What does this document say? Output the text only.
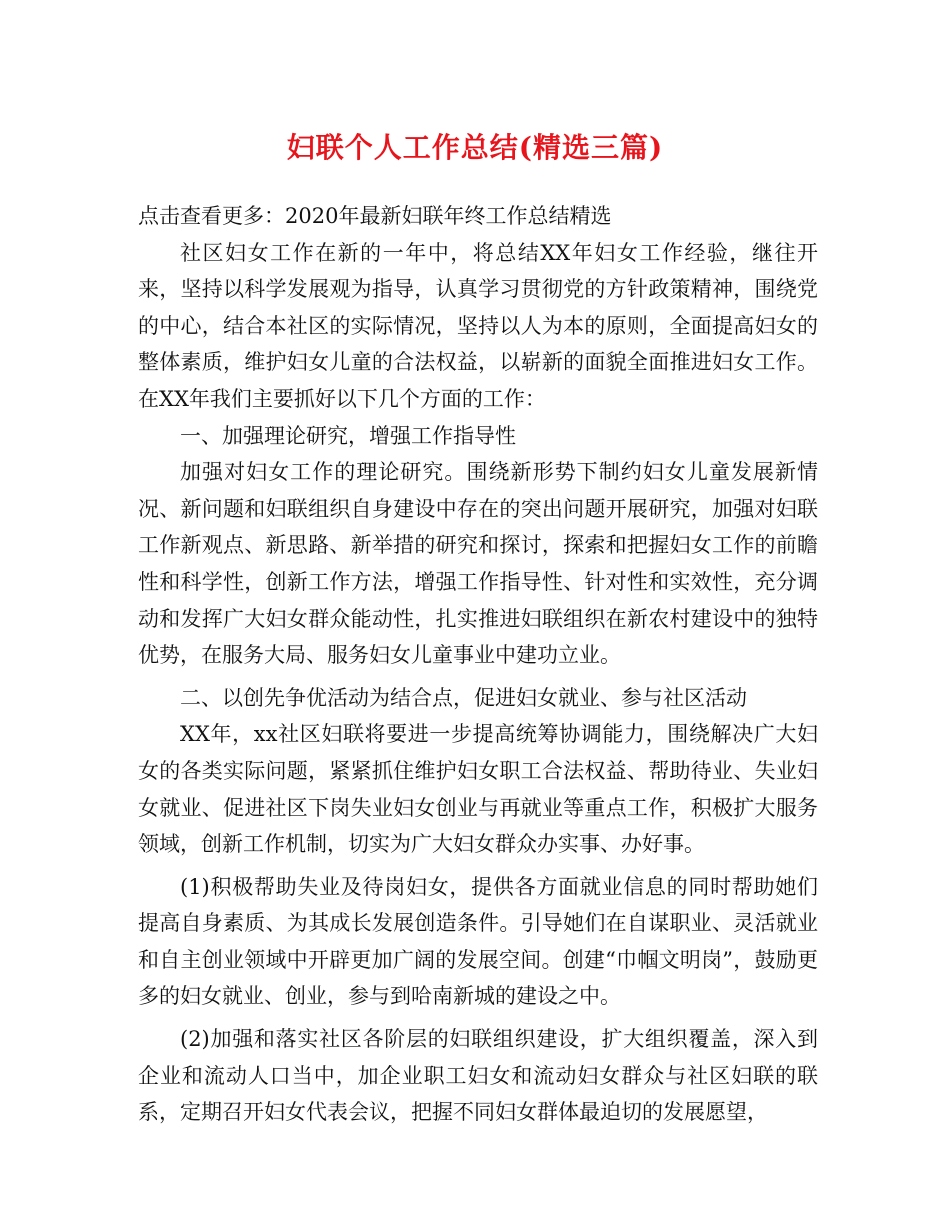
妇联个人工作总结(精选三篇)

点击查看更多：2020年最新妇联年终工作总结精选

社区妇女工作在新的一年中，将总结XX年妇女工作经验，继往开来，坚持以科学发展观为指导，认真学习贯彻党的方针政策精神，围绕党的中心，结合本社区的实际情况，坚持以人为本的原则，全面提高妇女的整体素质，维护妇女儿童的合法权益，以崭新的面貌全面推进妇女工作。在XX年我们主要抓好以下几个方面的工作：

一、加强理论研究，增强工作指导性

加强对妇女工作的理论研究。围绕新形势下制约妇女儿童发展新情况、新问题和妇联组织自身建设中存在的突出问题开展研究，加强对妇联工作新观点、新思路、新举措的研究和探讨，探索和把握妇女工作的前瞻性和科学性，创新工作方法，增强工作指导性、针对性和实效性，充分调动和发挥广大妇女群众能动性，扎实推进妇联组织在新农村建设中的独特优势，在服务大局、服务妇女儿童事业中建功立业。

二、以创先争优活动为结合点，促进妇女就业、参与社区活动

XX年，xx社区妇联将要进一步提高统筹协调能力，围绕解决广大妇女的各类实际问题，紧紧抓住维护妇女职工合法权益、帮助待业、失业妇女就业、促进社区下岗失业妇女创业与再就业等重点工作，积极扩大服务领域，创新工作机制，切实为广大妇女群众办实事、办好事。

(1)积极帮助失业及待岗妇女，提供各方面就业信息的同时帮助她们提高自身素质、为其成长发展创造条件。引导她们在自谋职业、灵活就业和自主创业领域中开辟更加广阔的发展空间。创建“巾帼文明岗”，鼓励更多的妇女就业、创业，参与到哈南新城的建设之中。

(2)加强和落实社区各阶层的妇联组织建设，扩大组织覆盖，深入到企业和流动人口当中，加企业职工妇女和流动妇女群众与社区妇联的联系，定期召开妇女代表会议，把握不同妇女群体最迫切的发展愿望，
